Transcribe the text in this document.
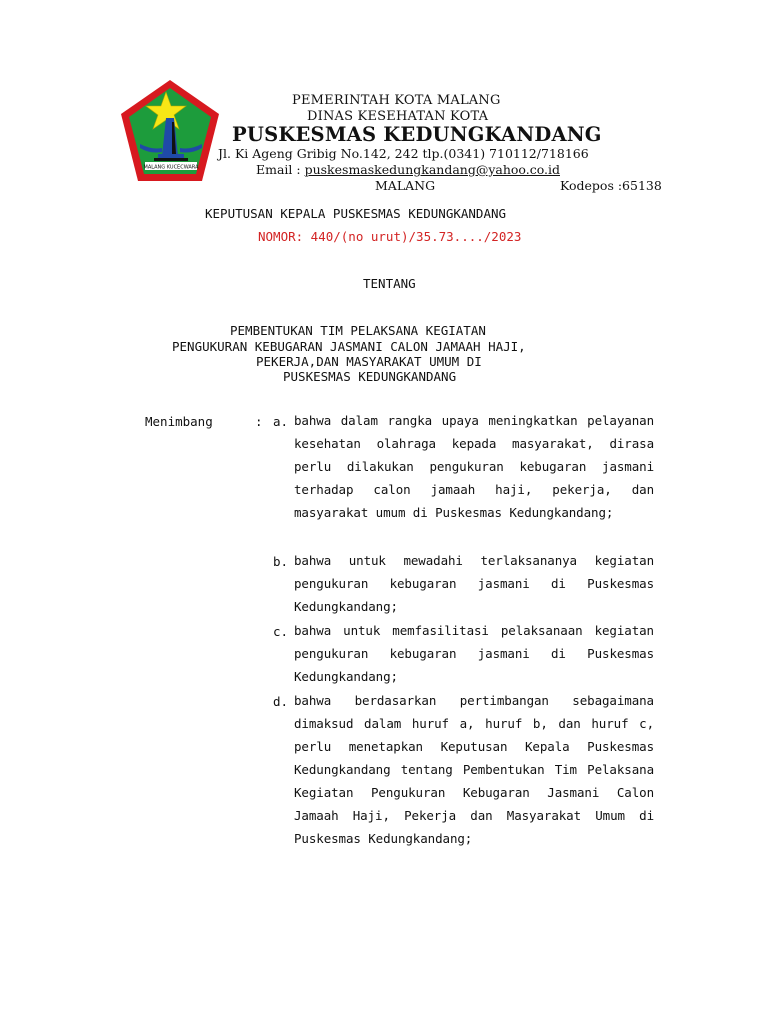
MALANG KUCECWARA
PEMERINTAH KOTA MALANG
DINAS KESEHATAN KOTA
PUSKESMAS KEDUNGKANDANG
Jl. Ki Ageng Gribig No.142, 242 tlp.(0341) 710112/718166
Email : puskesmaskedungkandang@yahoo.co.id
MALANG	Kodepos :65138
KEPUTUSAN KEPALA PUSKESMAS KEDUNGKANDANG
NOMOR: 440/(no urut)/35.73..../2023
TENTANG
PEMBENTUKAN TIM PELAKSANA KEGIATAN
PENGUKURAN KEBUGARAN JASMANI CALON JAMAAH HAJI,
PEKERJA,DAN MASYARAKAT UMUM DI
PUSKESMAS KEDUNGKANDANG
Menimbang	: a. bahwa dalam rangka upaya meningkatkan pelayanan kesehatan olahraga kepada masyarakat, dirasa perlu dilakukan pengukuran kebugaran jasmani terhadap calon jamaah haji, pekerja, dan masyarakat umum di Puskesmas Kedungkandang;
b. bahwa untuk mewadahi terlaksananya kegiatan pengukuran kebugaran jasmani di Puskesmas Kedungkandang;
c. bahwa untuk memfasilitasi pelaksanaan kegiatan pengukuran kebugaran jasmani di Puskesmas Kedungkandang;
d. bahwa berdasarkan pertimbangan sebagaimana dimaksud dalam huruf a, huruf b, dan huruf c, perlu menetapkan Keputusan Kepala Puskesmas Kedungkandang tentang Pembentukan Tim Pelaksana Kegiatan Pengukuran Kebugaran Jasmani Calon Jamaah Haji, Pekerja dan Masyarakat Umum di Puskesmas Kedungkandang;
